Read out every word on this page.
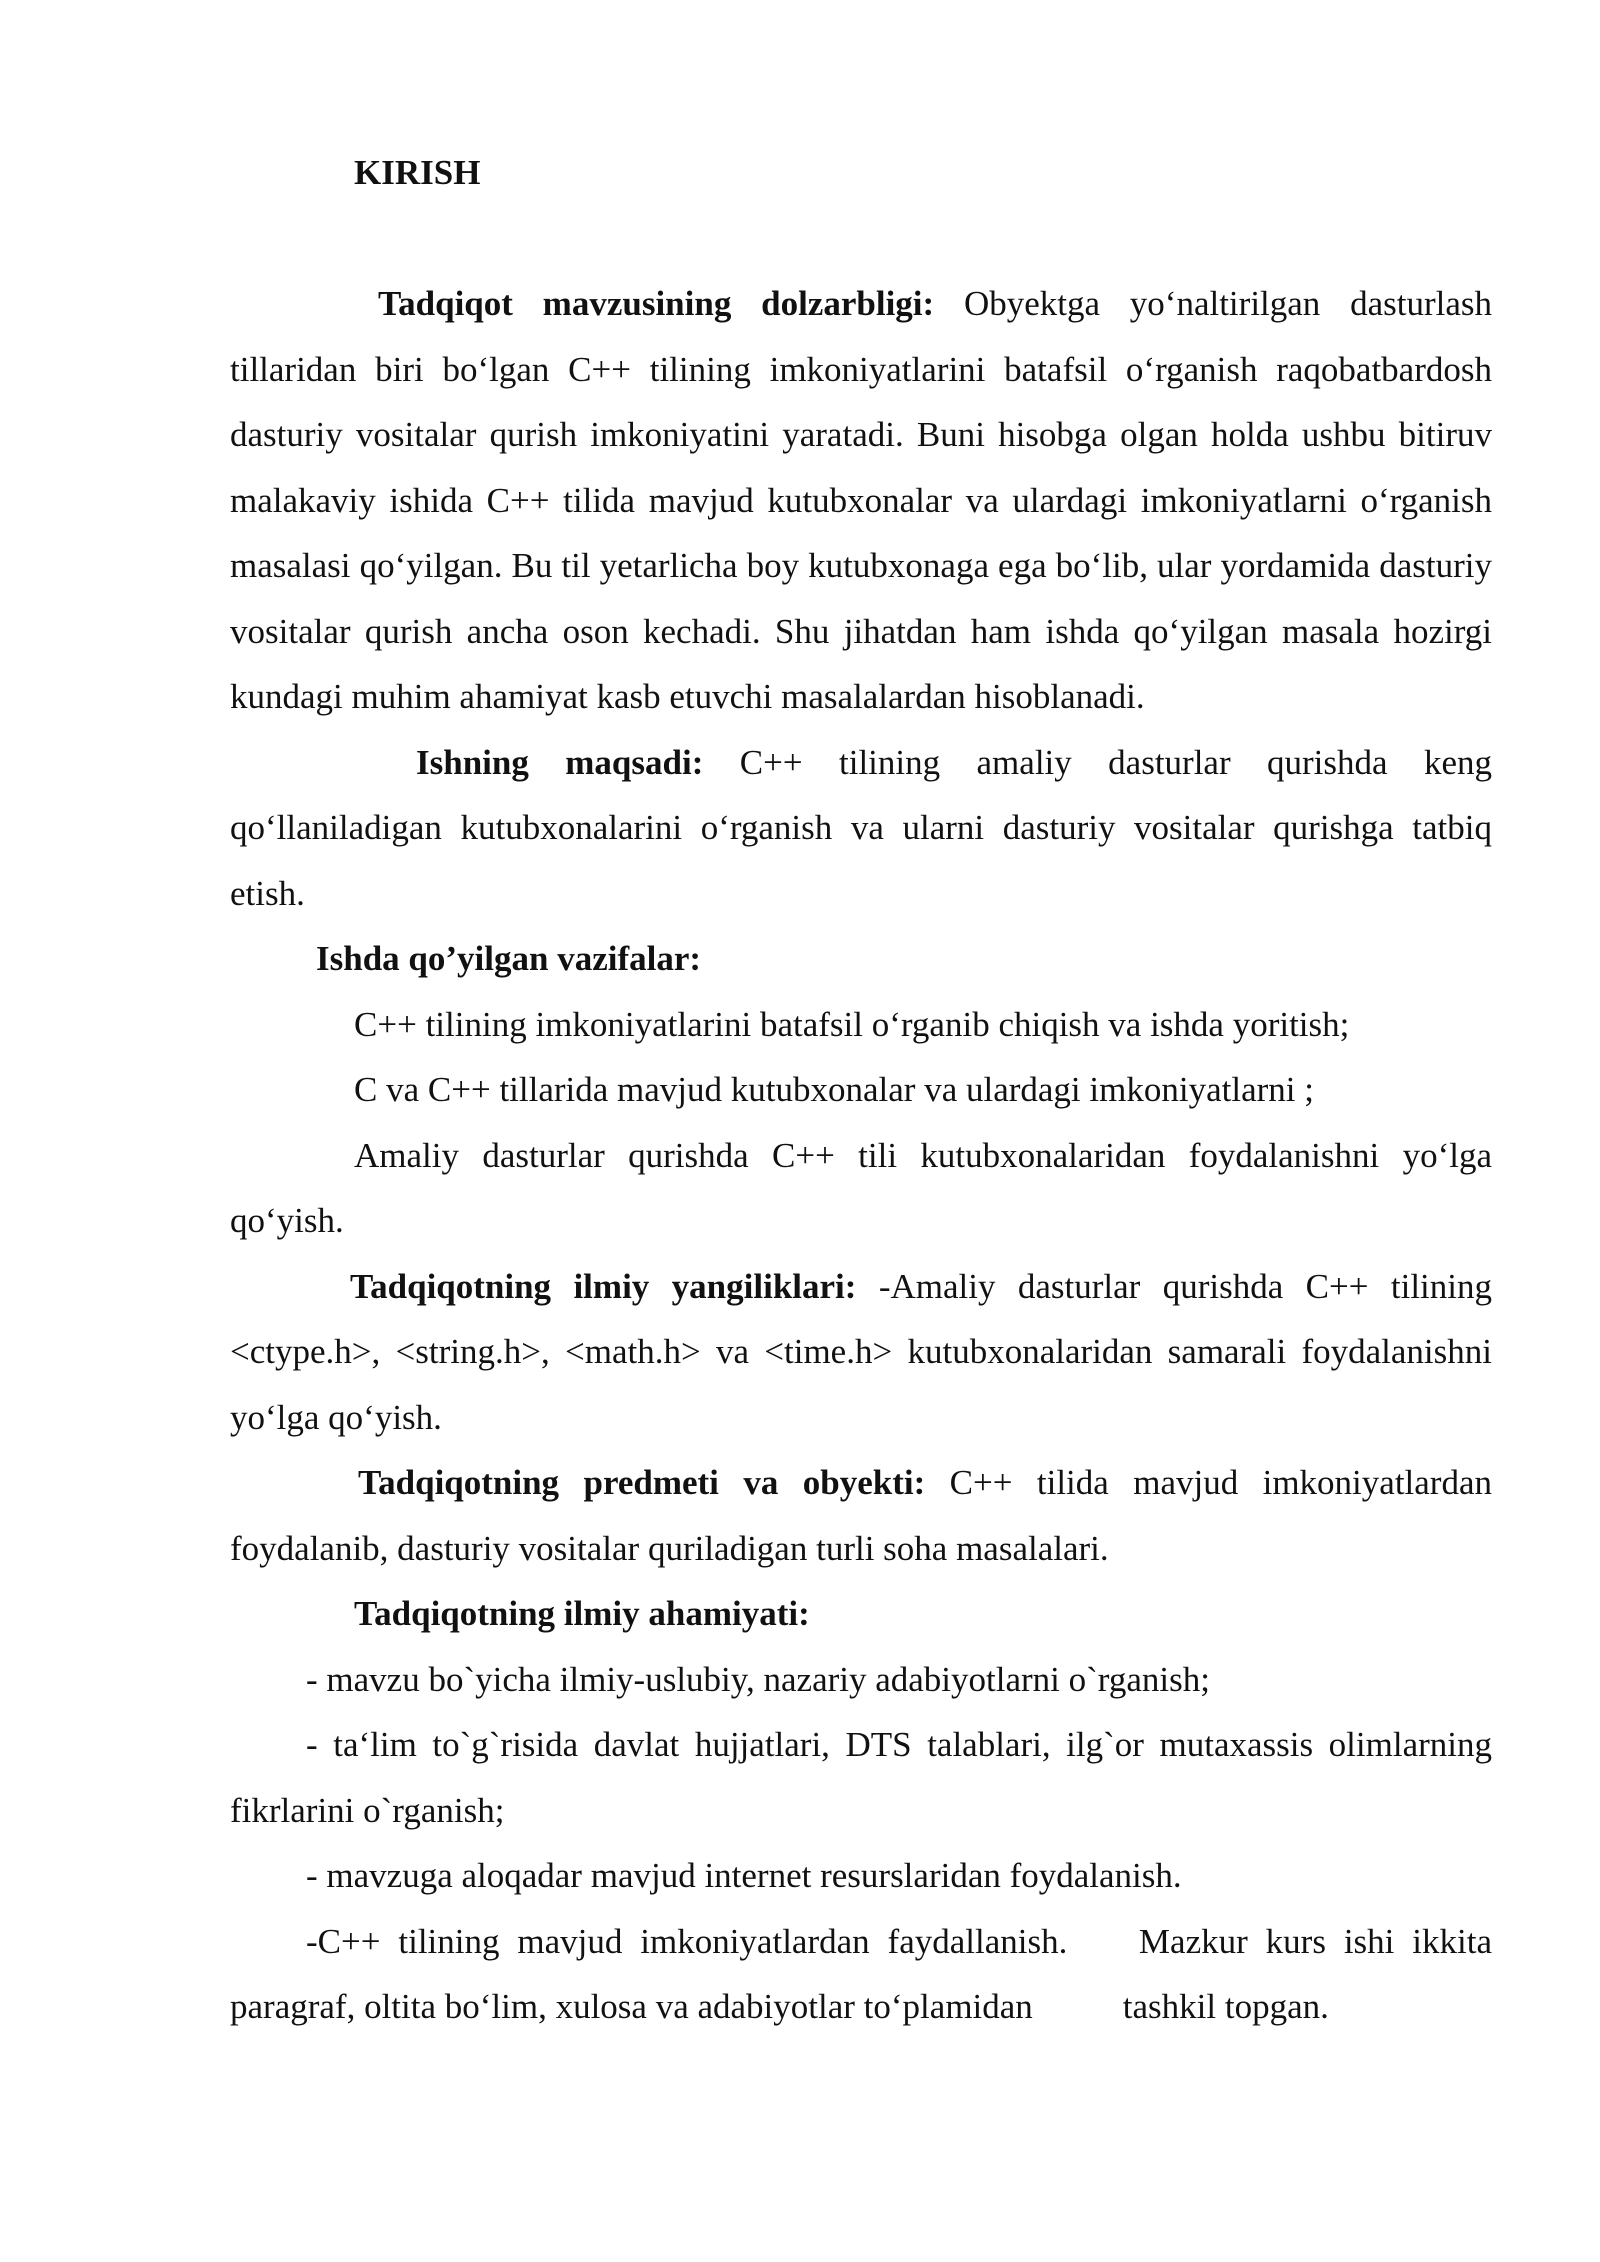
KIRISH

Tadqiqot mavzusining dolzarbligi: Obyektga yo‘naltirilgan dasturlash tillaridan biri bo‘lgan C++ tilining imkoniyatlarini batafsil o‘rganish raqobatbardosh dasturiy vositalar qurish imkoniyatini yaratadi. Buni hisobga olgan holda ushbu bitiruv malakaviy ishida C++ tilida mavjud kutubxonalar va ulardagi imkoniyatlarni o‘rganish masalasi qo‘yilgan. Bu til yetarlicha boy kutubxonaga ega bo‘lib, ular yordamida dasturiy vositalar qurish ancha oson kechadi. Shu jihatdan ham ishda qo‘yilgan masala hozirgi kundagi muhim ahamiyat kasb etuvchi masalalardan hisoblanadi.

Ishning maqsadi: C++ tilining amaliy dasturlar qurishda keng qo‘llaniladigan kutubxonalarini o‘rganish va ularni dasturiy vositalar qurishga tatbiq etish.

Ishda qo’yilgan vazifalar:

C++ tilining imkoniyatlarini batafsil o‘rganib chiqish va ishda yoritish;

C va C++ tillarida mavjud kutubxonalar va ulardagi imkoniyatlarni ;

Amaliy dasturlar qurishda C++ tili kutubxonalaridan foydalanishni yo‘lga qo‘yish.

Tadqiqotning ilmiy yangiliklari: -Amaliy dasturlar qurishda C++ tilining <ctype.h>, <string.h>, <math.h> va <time.h> kutubxonalaridan samarali foydalanishni yo‘lga qo‘yish.

Tadqiqotning predmeti va obyekti: C++ tilida mavjud imkoniyatlardan foydalanib, dasturiy vositalar quriladigan turli soha masalalari.

Tadqiqotning ilmiy ahamiyati:

- mavzu bo`yicha ilmiy-uslubiy, nazariy adabiyotlarni o`rganish;

- ta‘lim to`g`risida davlat hujjatlari, DTS talablari, ilg`or mutaxassis olimlarning fikrlarini o`rganish;

- mavzuga aloqadar mavjud internet resurslaridan foydalanish.

-C++ tilining mavjud imkoniyatlardan faydallanish. Mazkur kurs ishi ikkita paragraf, oltita bo‘lim, xulosa va adabiyotlar to‘plamidan	tashkil topgan.
